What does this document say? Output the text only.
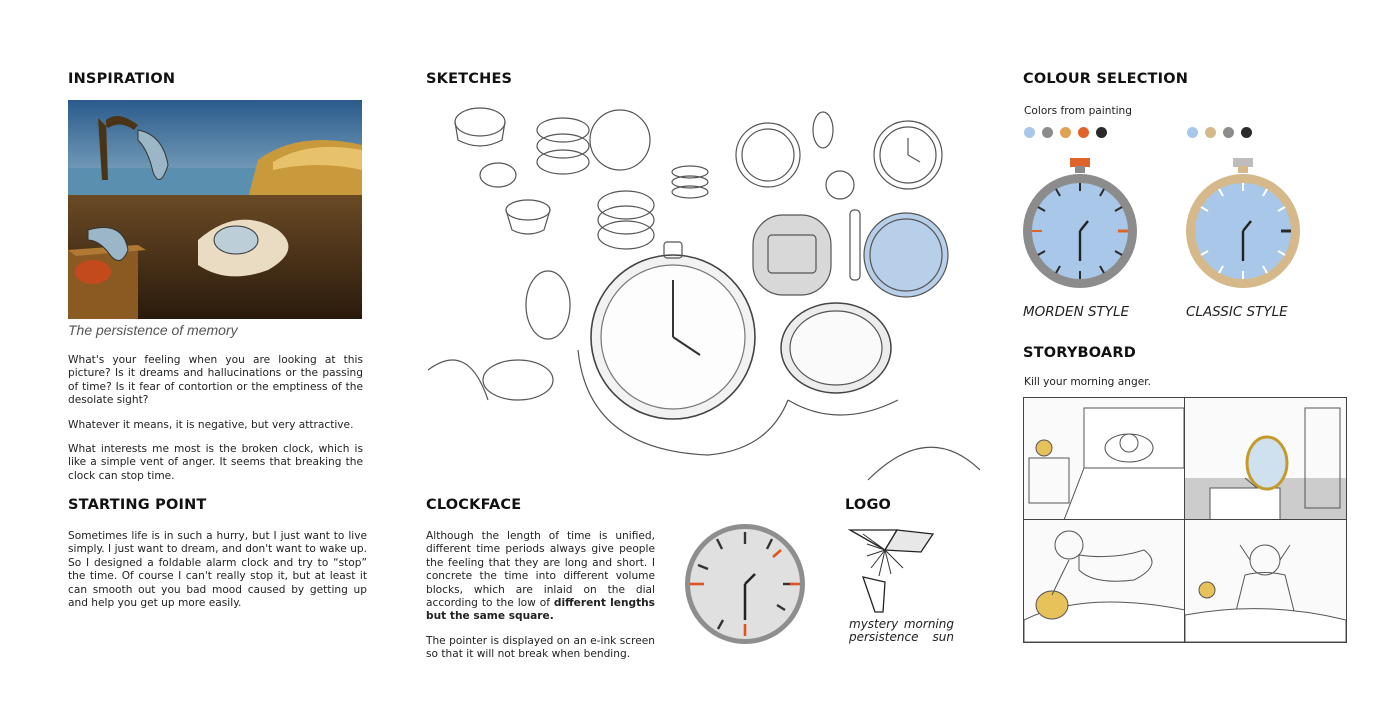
INSPIRATION
The persistence of memory

What's your feeling when you are looking at this picture? Is it dreams and hallucinations or the passing of time? Is it fear of contortion or the emptiness of the desolate sight?

Whatever it means, it is negative, but very attractive.

What interests me most is the broken clock, which is like a simple vent of anger. It seems that breaking the clock can stop time.

STARTING POINT
Sometimes life is in such a hurry, but I just want to live simply. I just want to dream, and don't want to wake up. So I designed a foldable alarm clock and try to “stop” the time. Of course I can't really stop it, but at least it can smooth out you bad mood caused by getting up and help you get up more easily.
SKETCHES
CLOCKFACE

Although the length of time is unified, different time periods always give people the feeling that they are long and short. I concrete the time into different volume blocks, which are inlaid on the dial according to the low of different lengths but the same square.

The pointer is displayed on an e-ink screen so that it will not break when bending.

LOGO
mystery morning
persistence sun
COLOUR SELECTION
Colors from painting
MORDEN STYLE	CLASSIC STYLE
STORYBOARD
Kill your morning anger.
